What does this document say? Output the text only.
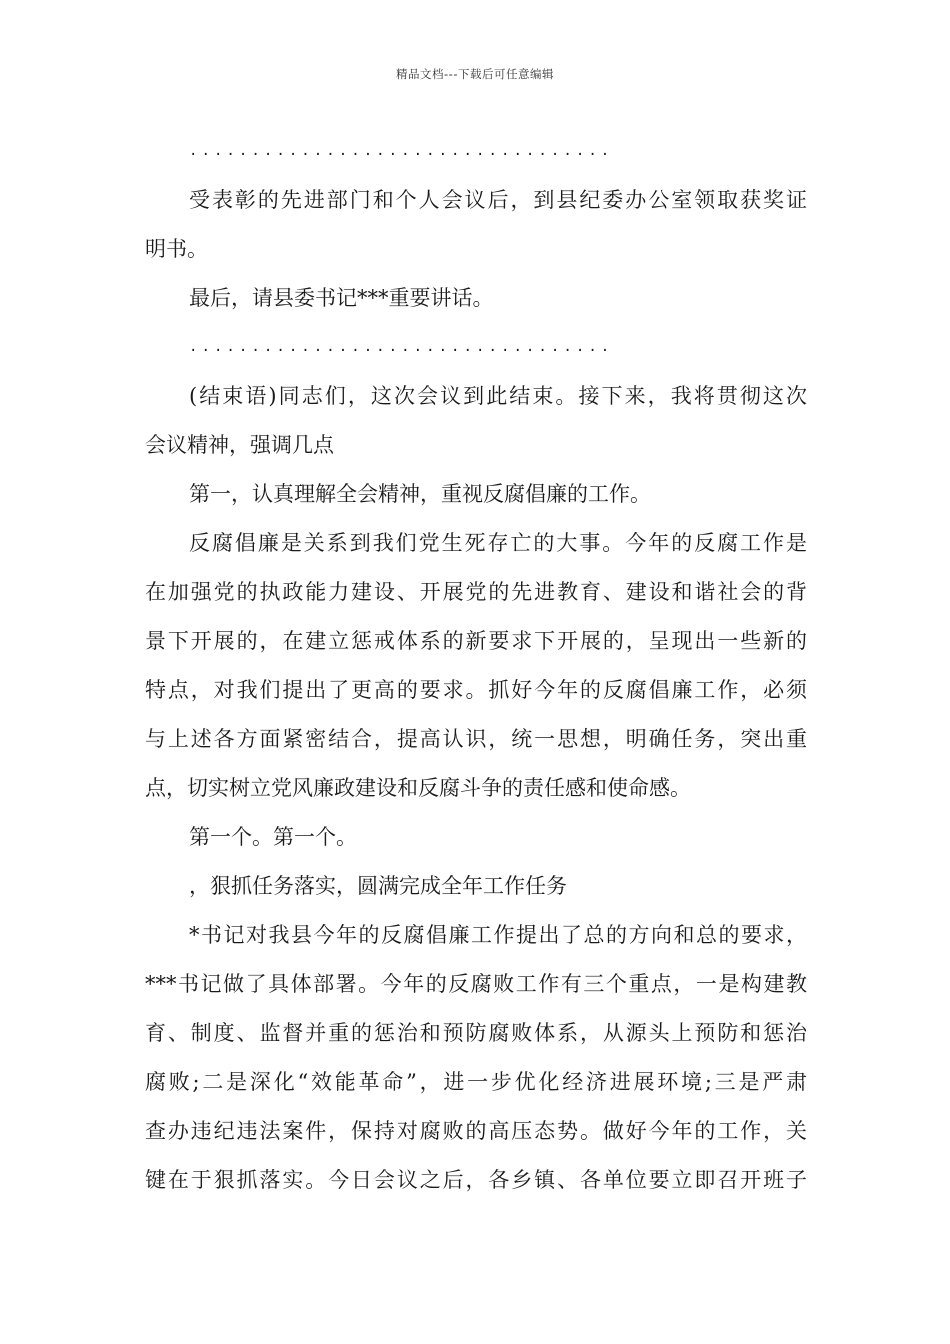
精品文档---下载后可任意编辑
..................................
受表彰的先进部门和个人会议后，到县纪委办公室领取获奖证
明书。
最后，请县委书记***重要讲话。
..................................
(结束语)同志们，这次会议到此结束。接下来，我将贯彻这次
会议精神，强调几点
第一，认真理解全会精神，重视反腐倡廉的工作。
反腐倡廉是关系到我们党生死存亡的大事。今年的反腐工作是
在加强党的执政能力建设、开展党的先进教育、建设和谐社会的背
景下开展的，在建立惩戒体系的新要求下开展的，呈现出一些新的
特点，对我们提出了更高的要求。抓好今年的反腐倡廉工作，必须
与上述各方面紧密结合，提高认识，统一思想，明确任务，突出重
点，切实树立党风廉政建设和反腐斗争的责任感和使命感。
第一个。第一个。
，狠抓任务落实，圆满完成全年工作任务
*书记对我县今年的反腐倡廉工作提出了总的方向和总的要求，
***书记做了具体部署。今年的反腐败工作有三个重点，一是构建教
育、制度、监督并重的惩治和预防腐败体系，从源头上预防和惩治
腐败;二是深化“效能革命”，进一步优化经济进展环境;三是严肃
查办违纪违法案件，保持对腐败的高压态势。做好今年的工作，关
键在于狠抓落实。今日会议之后，各乡镇、各单位要立即召开班子
